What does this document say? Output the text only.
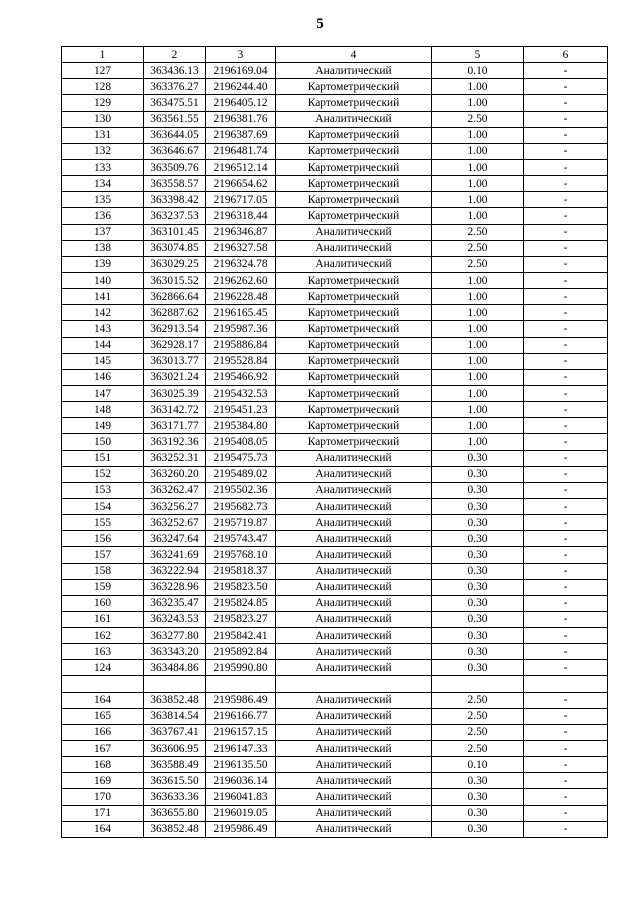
5
1	2	3	4	5	6
127	363436.13	2196169.04	Аналитический	0.10	-
128	363376.27	2196244.40	Картометрический	1.00	-
129	363475.51	2196405.12	Картометрический	1.00	-
130	363561.55	2196381.76	Аналитический	2.50	-
131	363644.05	2196387.69	Картометрический	1.00	-
132	363646.67	2196481.74	Картометрический	1.00	-
133	363509.76	2196512.14	Картометрический	1.00	-
134	363558.57	2196654.62	Картометрический	1.00	-
135	363398.42	2196717.05	Картометрический	1.00	-
136	363237.53	2196318.44	Картометрический	1.00	-
137	363101.45	2196346.87	Аналитический	2.50	-
138	363074.85	2196327.58	Аналитический	2.50	-
139	363029.25	2196324.78	Аналитический	2.50	-
140	363015.52	2196262.60	Картометрический	1.00	-
141	362866.64	2196228.48	Картометрический	1.00	-
142	362887.62	2196165.45	Картометрический	1.00	-
143	362913.54	2195987.36	Картометрический	1.00	-
144	362928.17	2195886.84	Картометрический	1.00	-
145	363013.77	2195528.84	Картометрический	1.00	-
146	363021.24	2195466.92	Картометрический	1.00	-
147	363025.39	2195432.53	Картометрический	1.00	-
148	363142.72	2195451.23	Картометрический	1.00	-
149	363171.77	2195384.80	Картометрический	1.00	-
150	363192.36	2195408.05	Картометрический	1.00	-
151	363252.31	2195475.73	Аналитический	0.30	-
152	363260.20	2195489.02	Аналитический	0.30	-
153	363262.47	2195502.36	Аналитический	0.30	-
154	363256.27	2195682.73	Аналитический	0.30	-
155	363252.67	2195719.87	Аналитический	0.30	-
156	363247.64	2195743.47	Аналитический	0.30	-
157	363241.69	2195768.10	Аналитический	0.30	-
158	363222.94	2195818.37	Аналитический	0.30	-
159	363228.96	2195823.50	Аналитический	0.30	-
160	363235.47	2195824.85	Аналитический	0.30	-
161	363243.53	2195823.27	Аналитический	0.30	-
162	363277.80	2195842.41	Аналитический	0.30	-
163	363343.20	2195892.84	Аналитический	0.30	-
124	363484.86	2195990.80	Аналитический	0.30	-

164	363852.48	2195986.49	Аналитический	2.50	-
165	363814.54	2196166.77	Аналитический	2.50	-
166	363767.41	2196157.15	Аналитический	2.50	-
167	363606.95	2196147.33	Аналитический	2.50	-
168	363588.49	2196135.50	Аналитический	0.10	-
169	363615.50	2196036.14	Аналитический	0.30	-
170	363633.36	2196041.83	Аналитический	0.30	-
171	363655.80	2196019.05	Аналитический	0.30	-
164	363852.48	2195986.49	Аналитический	0.30	-
